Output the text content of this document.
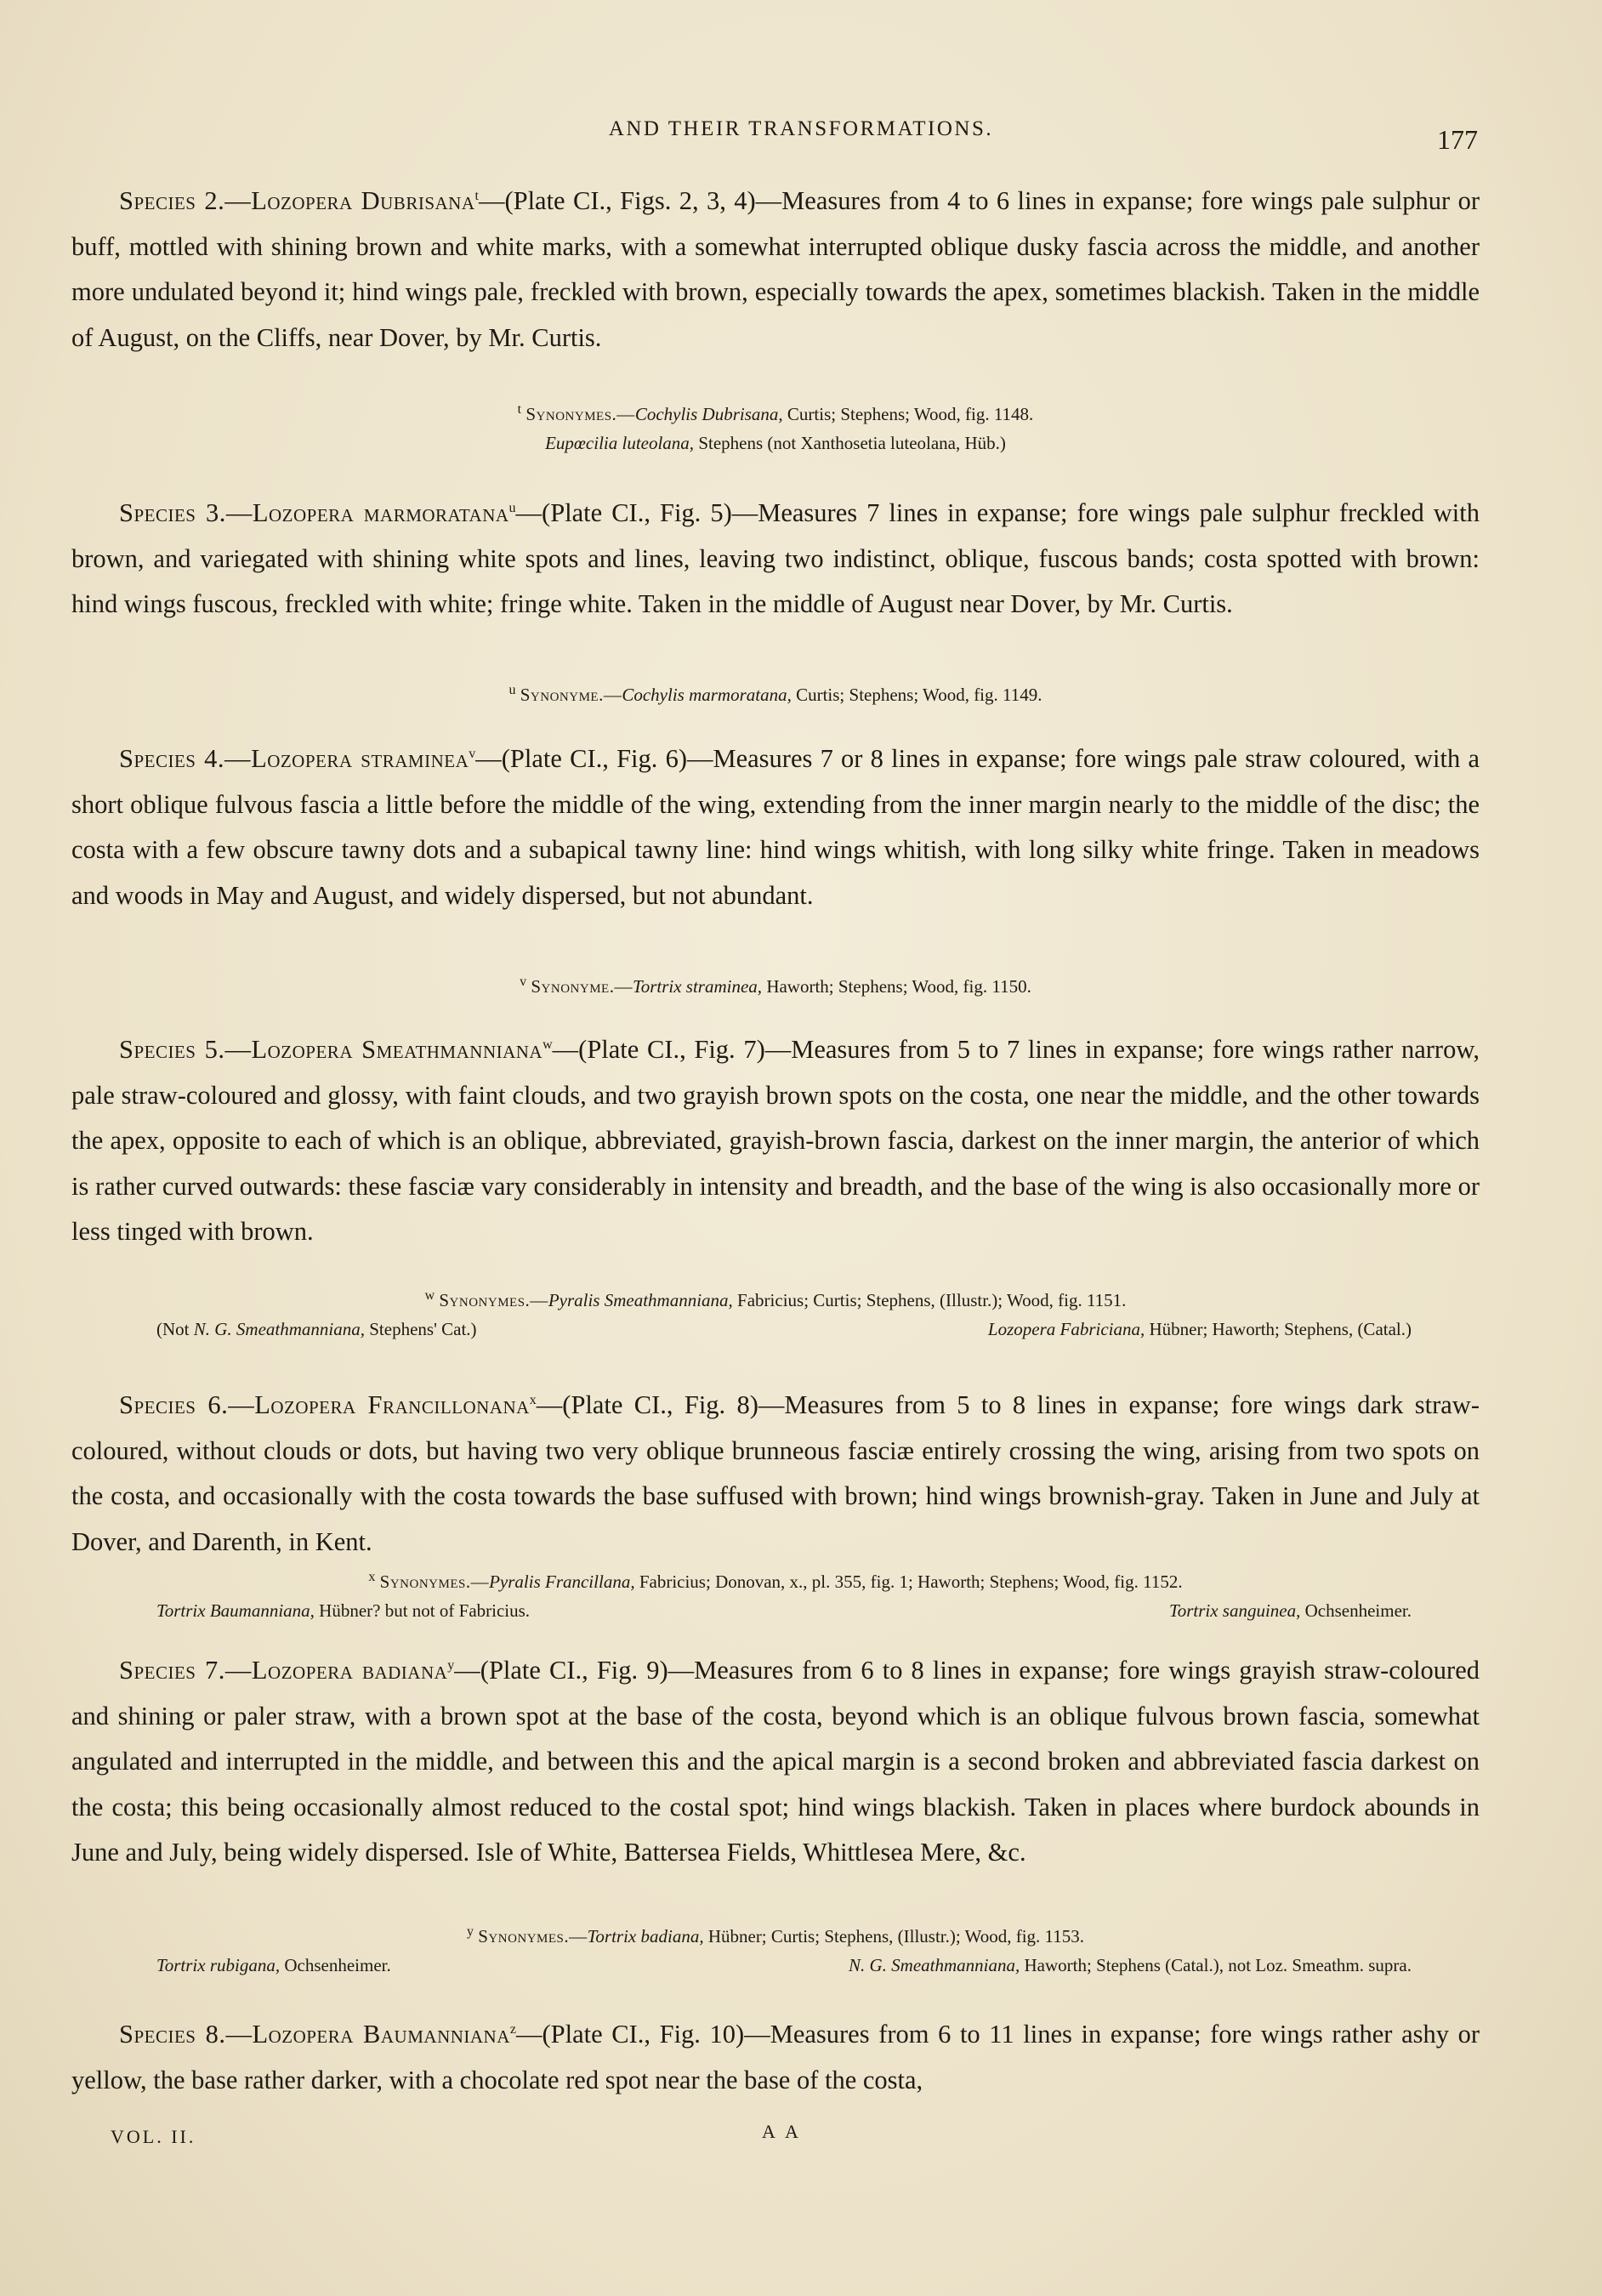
AND THEIR TRANSFORMATIONS.	177

Species 2.—Lozopera Dubrisana$^t$—(Plate CI., Figs. 2, 3, 4)—Measures from 4 to 6 lines in expanse; fore wings pale sulphur or buff, mottled with shining brown and white marks, with a somewhat interrupted oblique dusky fascia across the middle, and another more undulated beyond it; hind wings pale, freckled with brown, especially towards the apex, sometimes blackish. Taken in the middle of August, on the Cliffs, near Dover, by Mr. Curtis.

$^t$ Synonymes.—Cochylis Dubrisana, Curtis; Stephens; Wood, fig. 1148.
Eupœcilia luteolana, Stephens (not Xanthosetia luteolana, Hüb.)

Species 3.—Lozopera marmoratana$^u$—(Plate CI., Fig. 5)—Measures 7 lines in expanse; fore wings pale sulphur freckled with brown, and variegated with shining white spots and lines, leaving two indistinct, oblique, fuscous bands; costa spotted with brown: hind wings fuscous, freckled with white; fringe white. Taken in the middle of August near Dover, by Mr. Curtis.

$^u$ Synonyme.—Cochylis marmoratana, Curtis; Stephens; Wood, fig. 1149.

Species 4.—Lozopera straminea$^v$—(Plate CI., Fig. 6)—Measures 7 or 8 lines in expanse; fore wings pale straw coloured, with a short oblique fulvous fascia a little before the middle of the wing, extending from the inner margin nearly to the middle of the disc; the costa with a few obscure tawny dots and a subapical tawny line: hind wings whitish, with long silky white fringe. Taken in meadows and woods in May and August, and widely dispersed, but not abundant.

$^v$ Synonyme.—Tortrix straminea, Haworth; Stephens; Wood, fig. 1150.

Species 5.—Lozopera Smeathmanniana$^w$—(Plate CI., Fig. 7)—Measures from 5 to 7 lines in expanse; fore wings rather narrow, pale straw-coloured and glossy, with faint clouds, and two grayish brown spots on the costa, one near the middle, and the other towards the apex, opposite to each of which is an oblique, abbreviated, grayish-brown fascia, darkest on the inner margin, the anterior of which is rather curved outwards: these fasciæ vary considerably in intensity and breadth, and the base of the wing is also occasionally more or less tinged with brown.

$^w$ Synonymes.—Pyralis Smeathmanniana, Fabricius; Curtis; Stephens, (Illustr.); Wood, fig. 1151.
(Not N. G. Smeathmanniana, Stephens' Cat.)	Lozopera Fabriciana, Hübner; Haworth; Stephens, (Catal.)

Species 6.—Lozopera Francillonana$^x$—(Plate CI., Fig. 8)—Measures from 5 to 8 lines in expanse; fore wings dark straw-coloured, without clouds or dots, but having two very oblique brunneous fasciæ entirely crossing the wing, arising from two spots on the costa, and occasionally with the costa towards the base suffused with brown; hind wings brownish-gray. Taken in June and July at Dover, and Darenth, in Kent.

$^x$ Synonymes.—Pyralis Francillana, Fabricius; Donovan, x., pl. 355, fig. 1; Haworth; Stephens; Wood, fig. 1152.
Tortrix Baumanniana, Hübner? but not of Fabricius.	Tortrix sanguinea, Ochsenheimer.

Species 7.—Lozopera badiana$^y$—(Plate CI., Fig. 9)—Measures from 6 to 8 lines in expanse; fore wings grayish straw-coloured and shining or paler straw, with a brown spot at the base of the costa, beyond which is an oblique fulvous brown fascia, somewhat angulated and interrupted in the middle, and between this and the apical margin is a second broken and abbreviated fascia darkest on the costa; this being occasionally almost reduced to the costal spot; hind wings blackish. Taken in places where burdock abounds in June and July, being widely dispersed. Isle of White, Battersea Fields, Whittlesea Mere, &c.

$^y$ Synonymes.—Tortrix badiana, Hübner; Curtis; Stephens, (Illustr.); Wood, fig. 1153.
Tortrix rubigana, Ochsenheimer.	N. G. Smeathmanniana, Haworth; Stephens (Catal.), not Loz. Smeathm. supra.

Species 8.—Lozopera Baumanniana$^z$—(Plate CI., Fig. 10)—Measures from 6 to 11 lines in expanse; fore wings rather ashy or yellow, the base rather darker, with a chocolate red spot near the base of the costa,

VOL. II.	A A
